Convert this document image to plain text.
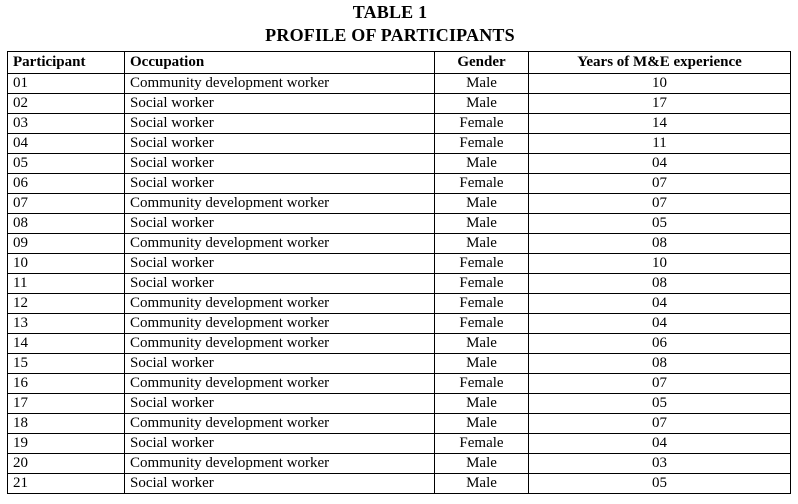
TABLE 1
PROFILE OF PARTICIPANTS
Participant	Occupation	Gender	Years of M&E experience
01	Community development worker	Male	10
02	Social worker	Male	17
03	Social worker	Female	14
04	Social worker	Female	11
05	Social worker	Male	04
06	Social worker	Female	07
07	Community development worker	Male	07
08	Social worker	Male	05
09	Community development worker	Male	08
10	Social worker	Female	10
11	Social worker	Female	08
12	Community development worker	Female	04
13	Community development worker	Female	04
14	Community development worker	Male	06
15	Social worker	Male	08
16	Community development worker	Female	07
17	Social worker	Male	05
18	Community development worker	Male	07
19	Social worker	Female	04
20	Community development worker	Male	03
21	Social worker	Male	05
